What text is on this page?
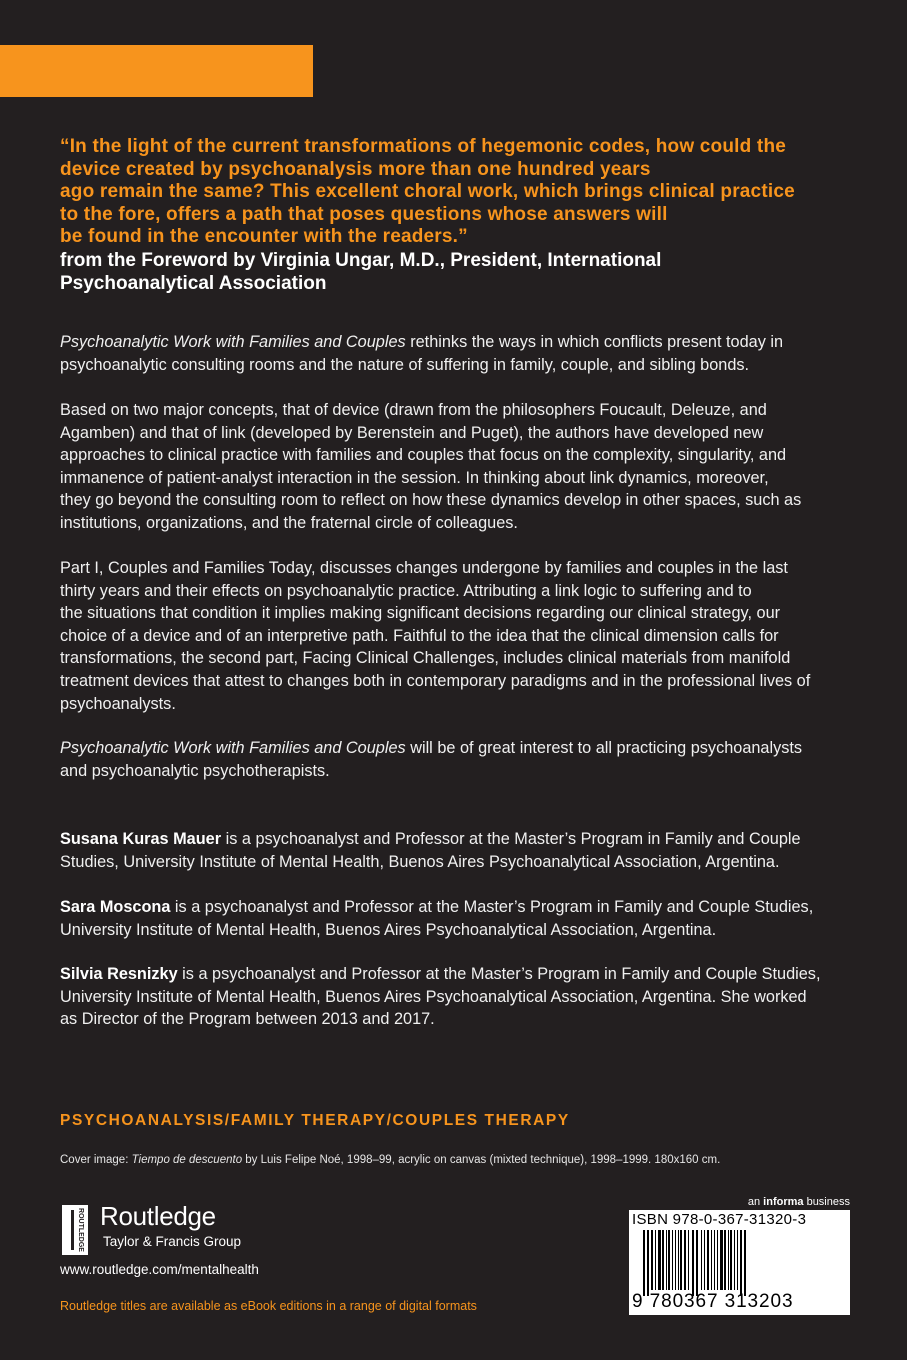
“In the light of the current transformations of hegemonic codes, how could the
device created by psychoanalysis more than one hundred years
ago remain the same? This excellent choral work, which brings clinical practice
to the fore, offers a path that poses questions whose answers will
be found in the encounter with the readers.”
from the Foreword by Virginia Ungar, M.D., President, International
Psychoanalytical Association
Psychoanalytic Work with Families and Couples rethinks the ways in which conflicts present today in
psychoanalytic consulting rooms and the nature of suffering in family, couple, and sibling bonds.
Based on two major concepts, that of device (drawn from the philosophers Foucault, Deleuze, and
Agamben) and that of link (developed by Berenstein and Puget), the authors have developed new
approaches to clinical practice with families and couples that focus on the complexity, singularity, and
immanence of patient-analyst interaction in the session. In thinking about link dynamics, moreover,
they go beyond the consulting room to reflect on how these dynamics develop in other spaces, such as
institutions, organizations, and the fraternal circle of colleagues.
Part I, Couples and Families Today, discusses changes undergone by families and couples in the last
thirty years and their effects on psychoanalytic practice. Attributing a link logic to suffering and to
the situations that condition it implies making significant decisions regarding our clinical strategy, our
choice of a device and of an interpretive path. Faithful to the idea that the clinical dimension calls for
transformations, the second part, Facing Clinical Challenges, includes clinical materials from manifold
treatment devices that attest to changes both in contemporary paradigms and in the professional lives of
psychoanalysts.
Psychoanalytic Work with Families and Couples will be of great interest to all practicing psychoanalysts
and psychoanalytic psychotherapists.
Susana Kuras Mauer is a psychoanalyst and Professor at the Master’s Program in Family and Couple
Studies, University Institute of Mental Health, Buenos Aires Psychoanalytical Association, Argentina.
Sara Moscona is a psychoanalyst and Professor at the Master’s Program in Family and Couple Studies,
University Institute of Mental Health, Buenos Aires Psychoanalytical Association, Argentina.
Silvia Resnizky is a psychoanalyst and Professor at the Master’s Program in Family and Couple Studies,
University Institute of Mental Health, Buenos Aires Psychoanalytical Association, Argentina. She worked
as Director of the Program between 2013 and 2017.
PSYCHOANALYSIS/FAMILY THERAPY/COUPLES THERAPY
Cover image: Tiempo de descuento by Luis Felipe Noé, 1998–99, acrylic on canvas (mixted technique), 1998–1999. 180x160 cm.
ROUTLEDGE Routledge
Taylor & Francis Group
www.routledge.com/mentalhealth
Routledge titles are available as eBook editions in a range of digital formats
an informa business
ISBN 978-0-367-31320-3
9 780367 313203
